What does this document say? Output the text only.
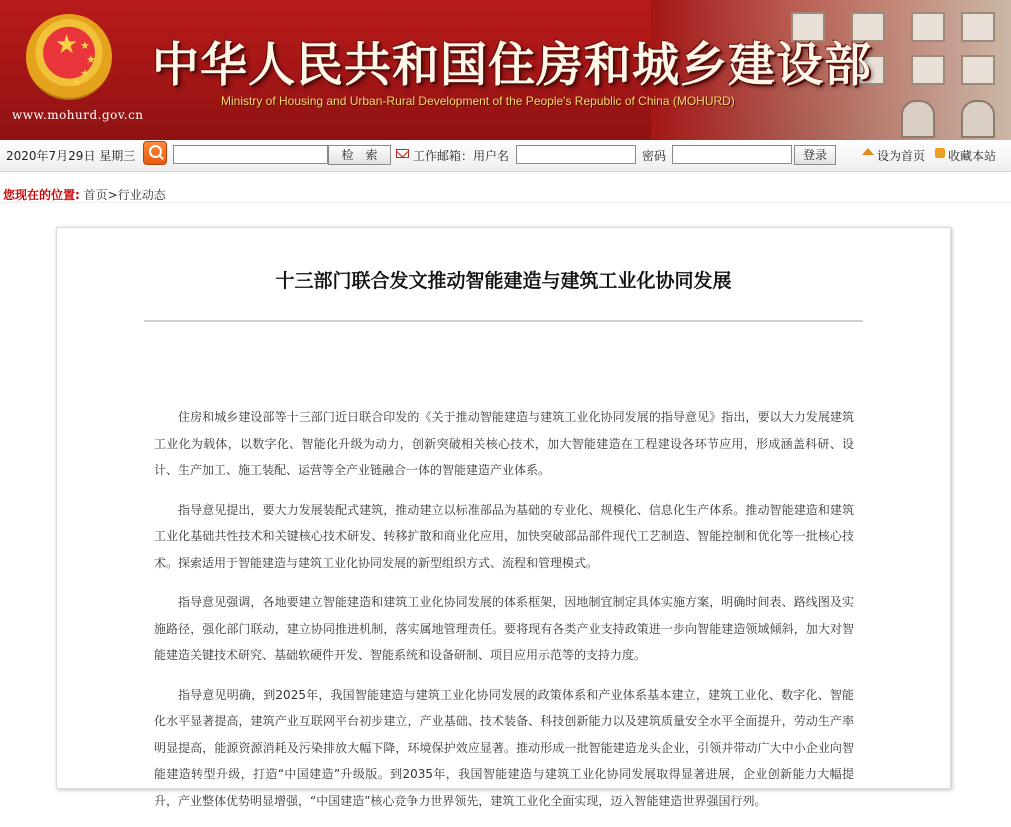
★ ★
★
★
★
www.mohurd.gov.cn
中华人民共和国住房和城乡建设部
Ministry of Housing and Urban-Rural Development of the People's Republic of China (MOHURD)
2020年7月29日 星期三	检　索	工作邮箱：用户名	密码	登录	设为首页 收藏本站
您现在的位置: 首页>行业动态
十三部门联合发文推动智能建造与建筑工业化协同发展

住房和城乡建设部等十三部门近日联合印发的《关于推动智能建造与建筑工业化协同发展的指导意见》指出，要以大力发展建筑工业化为载体，以数字化、智能化升级为动力，创新突破相关核心技术，加大智能建造在工程建设各环节应用，形成涵盖科研、设计、生产加工、施工装配、运营等全产业链融合一体的智能建造产业体系。

指导意见提出，要大力发展装配式建筑，推动建立以标准部品为基础的专业化、规模化、信息化生产体系。推动智能建造和建筑工业化基础共性技术和关键核心技术研发、转移扩散和商业化应用，加快突破部品部件现代工艺制造、智能控制和优化等一批核心技术。探索适用于智能建造与建筑工业化协同发展的新型组织方式、流程和管理模式。

指导意见强调，各地要建立智能建造和建筑工业化协同发展的体系框架，因地制宜制定具体实施方案，明确时间表、路线图及实施路径，强化部门联动，建立协同推进机制，落实属地管理责任。要将现有各类产业支持政策进一步向智能建造领域倾斜，加大对智能建造关键技术研究、基础软硬件开发、智能系统和设备研制、项目应用示范等的支持力度。

指导意见明确，到2025年，我国智能建造与建筑工业化协同发展的政策体系和产业体系基本建立，建筑工业化、数字化、智能化水平显著提高，建筑产业互联网平台初步建立，产业基础、技术装备、科技创新能力以及建筑质量安全水平全面提升，劳动生产率明显提高，能源资源消耗及污染排放大幅下降，环境保护效应显著。推动形成一批智能建造龙头企业，引领并带动广大中小企业向智能建造转型升级，打造“中国建造”升级版。到2035年，我国智能建造与建筑工业化协同发展取得显著进展，企业创新能力大幅提升，产业整体优势明显增强，“中国建造”核心竞争力世界领先，建筑工业化全面实现，迈入智能建造世界强国行列。
